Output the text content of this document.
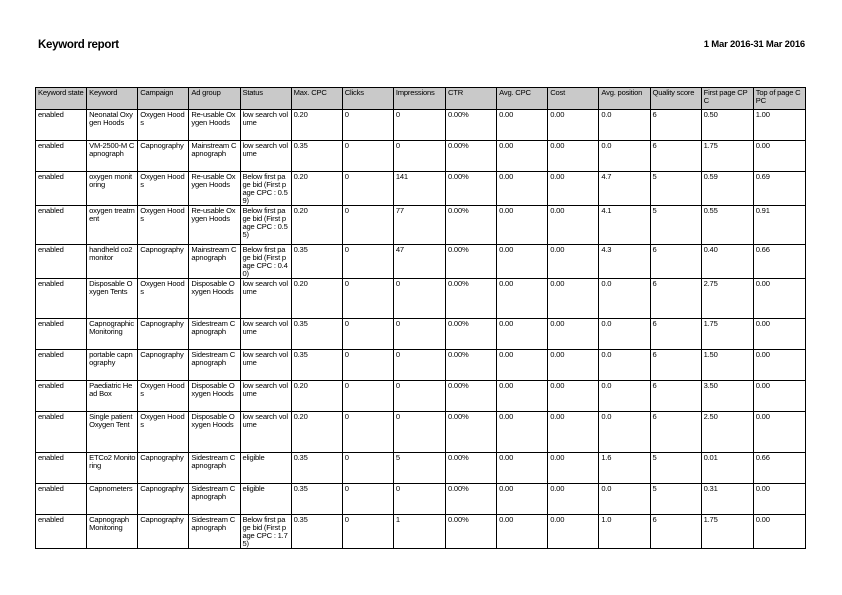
Keyword report	1 Mar 2016-31 Mar 2016
Keyword state	Keyword	Campaign	Ad group	Status	Max. CPC	Clicks	Impressions	CTR	Avg. CPC	Cost	Avg. position	Quality score	First page CPC	Top of page CPC
enabled	Neonatal Oxygen Hoods	Oxygen Hoods	Re-usable Oxygen Hoods	low search volume	0.20	0	0	0.00%	0.00	0.00	0.0	6	0.50	1.00
enabled	VM-2500-M Capnograph	Capnography	Mainstream Capnograph	low search volume	0.35	0	0	0.00%	0.00	0.00	0.0	6	1.75	0.00
enabled	oxygen monitoring	Oxygen Hoods	Re-usable Oxygen Hoods	Below first page bid (First page CPC : 0.59)	0.20	0	141	0.00%	0.00	0.00	4.7	5	0.59	0.69
enabled	oxygen treatment	Oxygen Hoods	Re-usable Oxygen Hoods	Below first page bid (First page CPC : 0.55)	0.20	0	77	0.00%	0.00	0.00	4.1	5	0.55	0.91
enabled	handheld co2 monitor	Capnography	Mainstream Capnograph	Below first page bid (First page CPC : 0.40)	0.35	0	47	0.00%	0.00	0.00	4.3	6	0.40	0.66
enabled	Disposable Oxygen Tents	Oxygen Hoods	Disposable Oxygen Hoods	low search volume	0.20	0	0	0.00%	0.00	0.00	0.0	6	2.75	0.00
enabled	Capnographic Monitoring	Capnography	Sidestream Capnograph	low search volume	0.35	0	0	0.00%	0.00	0.00	0.0	6	1.75	0.00
enabled	portable capnography	Capnography	Sidestream Capnograph	low search volume	0.35	0	0	0.00%	0.00	0.00	0.0	6	1.50	0.00
enabled	Paediatric Head Box	Oxygen Hoods	Disposable Oxygen Hoods	low search volume	0.20	0	0	0.00%	0.00	0.00	0.0	6	3.50	0.00
enabled	Single patient Oxygen Tent	Oxygen Hoods	Disposable Oxygen Hoods	low search volume	0.20	0	0	0.00%	0.00	0.00	0.0	6	2.50	0.00
enabled	ETCo2 Monitoring	Capnography	Sidestream Capnograph	eligible	0.35	0	5	0.00%	0.00	0.00	1.6	5	0.01	0.66
enabled	Capnometers	Capnography	Sidestream Capnograph	eligible	0.35	0	0	0.00%	0.00	0.00	0.0	5	0.31	0.00
enabled	Capnograph Monitoring	Capnography	Sidestream Capnograph	Below first page bid (First page CPC : 1.75)	0.35	0	1	0.00%	0.00	0.00	1.0	6	1.75	0.00
